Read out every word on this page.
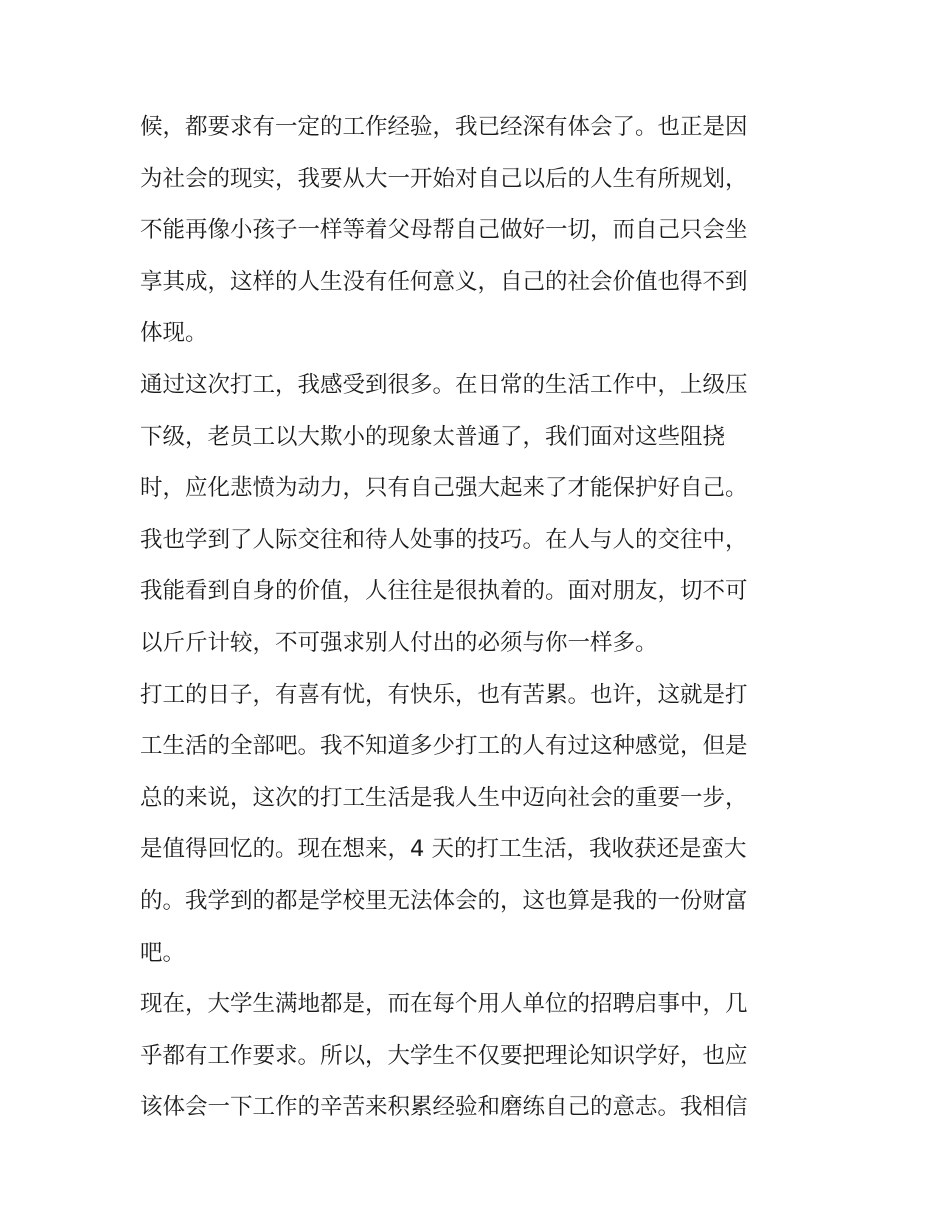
候，都要求有一定的工作经验，我已经深有体会了。也正是因
为社会的现实，我要从大一开始对自己以后的人生有所规划，
不能再像小孩子一样等着父母帮自己做好一切，而自己只会坐
享其成，这样的人生没有任何意义，自己的社会价值也得不到
体现。
通过这次打工，我感受到很多。在日常的生活工作中，上级压
下级，老员工以大欺小的现象太普通了，我们面对这些阻挠
时，应化悲愤为动力，只有自己强大起来了才能保护好自己。
我也学到了人际交往和待人处事的技巧。在人与人的交往中，
我能看到自身的价值，人往往是很执着的。面对朋友，切不可
以斤斤计较，不可强求别人付出的必须与你一样多。
打工的日子，有喜有忧，有快乐，也有苦累。也许，这就是打
工生活的全部吧。我不知道多少打工的人有过这种感觉，但是
总的来说，这次的打工生活是我人生中迈向社会的重要一步，
是值得回忆的。现在想来，4 天的打工生活，我收获还是蛮大
的。我学到的都是学校里无法体会的，这也算是我的一份财富
吧。
现在，大学生满地都是，而在每个用人单位的招聘启事中，几
乎都有工作要求。所以，大学生不仅要把理论知识学好，也应
该体会一下工作的辛苦来积累经验和磨练自己的意志。我相信
